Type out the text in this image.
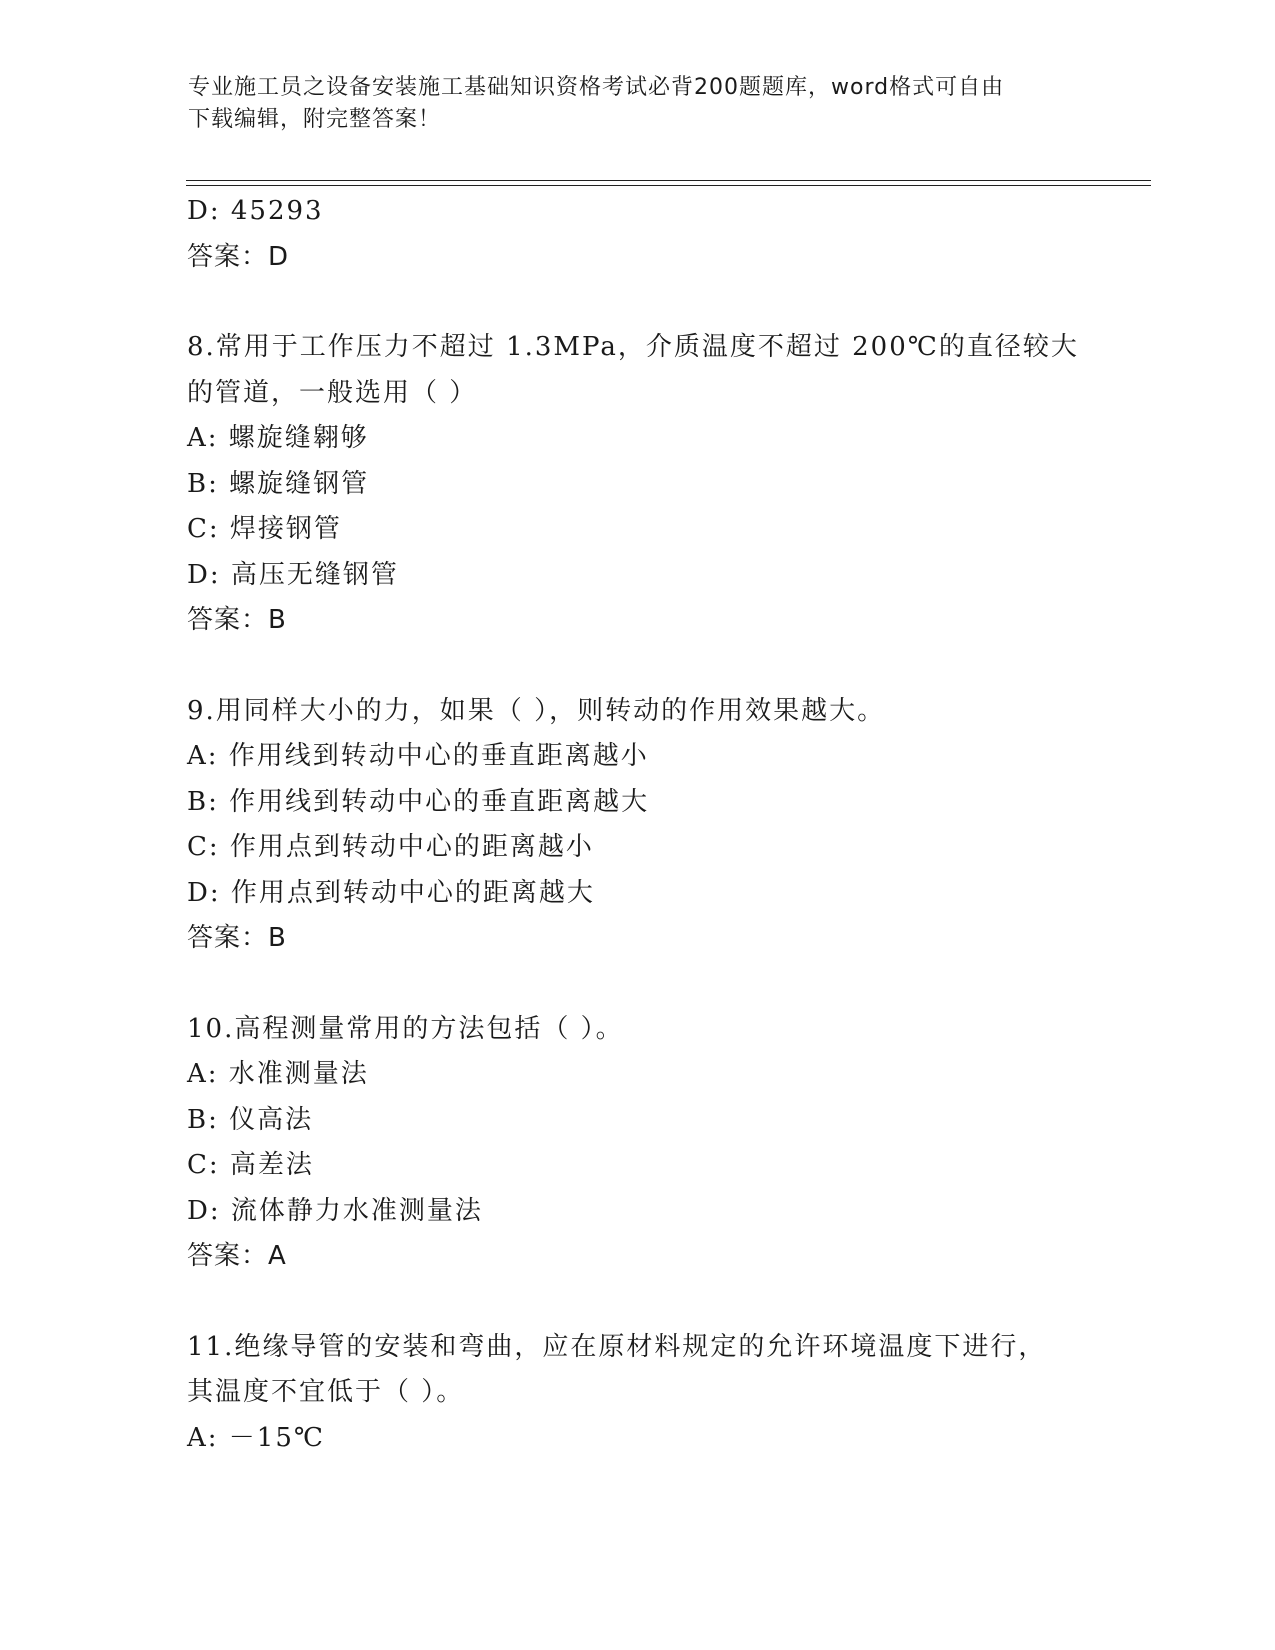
专业施工员之设备安装施工基础知识资格考试必背200题题库，word格式可自由
下载编辑，附完整答案！
D: 45293
答案：D
8.常用于工作压力不超过 1.3MPa，介质温度不超过 200℃的直径较大
的管道，一般选用（ ）
A: 螺旋缝翱够
B: 螺旋缝钢管
C: 焊接钢管
D: 高压无缝钢管
答案：B
9.用同样大小的力，如果（ ），则转动的作用效果越大。
A: 作用线到转动中心的垂直距离越小
B: 作用线到转动中心的垂直距离越大
C: 作用点到转动中心的距离越小
D: 作用点到转动中心的距离越大
答案：B
10.高程测量常用的方法包括（ ）。
A: 水准测量法
B: 仪高法
C: 高差法
D: 流体静力水准测量法
答案：A
11.绝缘导管的安装和弯曲，应在原材料规定的允许环境温度下进行，
其温度不宜低于（ ）。
A: －15℃
